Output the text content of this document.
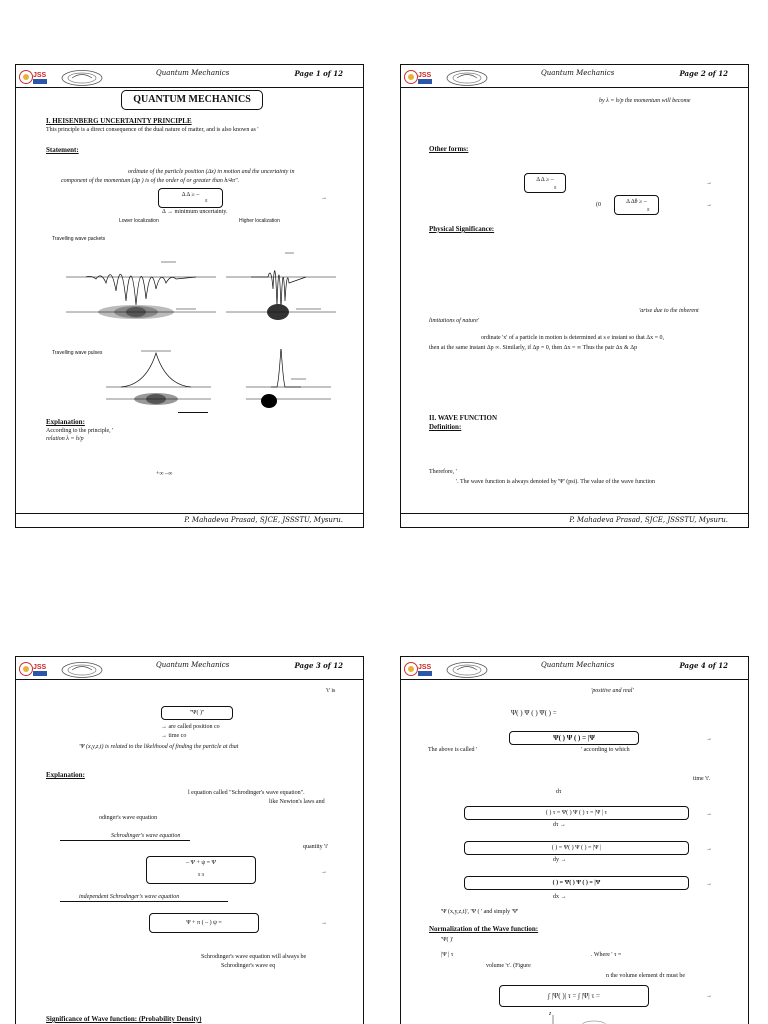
JSS	Quantum Mechanics	Page 1 of 12
QUANTUM MECHANICS
I. HEISENBERG UNCERTAINTY PRINCIPLE
This principle is a direct consequence of the dual nature of matter, and is also known as '
Statement:
ordinate of the particle position (Δx) in motion and the uncertainty in
component of the momentum (Δp ) is of the order of or greater than h/4π".
Δ Δ ≥ –

π
→
Δ → minimum uncertainty.
Lower localization	Higher localization
Travelling wave packets
Travelling wave pulses
Explanation:
According to the principle, '
relation λ = h/p
+∞ –∞
P. Mahadeva Prasad, SJCE, JSSSTU, Mysuru.
JSS	Quantum Mechanics	Page 2 of 12
by λ = h/p the momentum will become
Other forms:
Δ Δ ≥ –
π
→
(0	Δ Δθ ≥ –
π
→
Physical Significance:
'arise due to the inherent
limitations of nature'
ordinate 'x' of a particle in motion is determined at s e instant so that Δx = 0,
then at the same instant Δp ∞. Similarly, if Δp = 0, then Δx = ∞ Thus the pair Δx & Δp
II. WAVE FUNCTION
Definition:
Therefore, '
'. The wave function is always denoted by 'Ψ' (psi). The value of the wave function
P. Mahadeva Prasad, SJCE, JSSSTU, Mysuru.
JSS	Quantum Mechanics	Page 3 of 12
't' is
"Ψ( )"
→ are called position co
→ time co
'Ψ (x,y,z,t) is related to the likelihood of finding the particle at that
Explanation:
l equation called "Schrodinger's wave equation".
like Newton's laws and
odinger's wave equation
Schrodinger's wave equation
quantity 'i'
– Ψ + ψ = Ψ
π π
→
independent Schrodinger's wave equation
Ψ + π ( – ) ψ =	→
Schrodinger's wave equation will always be
Schrodinger's wave eq
Significance of Wave function: (Probability Density)
JSS	Quantum Mechanics	Page 4 of 12
'positive and real'
Ψ( ) Ψ ( ) Ψ( ) =
Ψ( ) Ψ ( ) = |Ψ	→
The above is called '	' according to which
time 't'.
dτ
( ) τ = Ψ( ) Ψ ( ) τ = |Ψ | τ	→
dτ →
( ) = Ψ( ) Ψ ( ) = |Ψ |	→
dy →
( ) = Ψ( ) Ψ ( ) = |Ψ	→
dx →
'Ψ (x,y,z,t)', 'Ψ ( ' and simply 'Ψ'
Normalization of the Wave function:
'Ψ( )'
|Ψ | τ	. Where ' τ =
volume 'τ'. (Figure
n the volume element dτ must be
∫ |Ψ( )| τ = ∫ |Ψ| τ =	→
z
